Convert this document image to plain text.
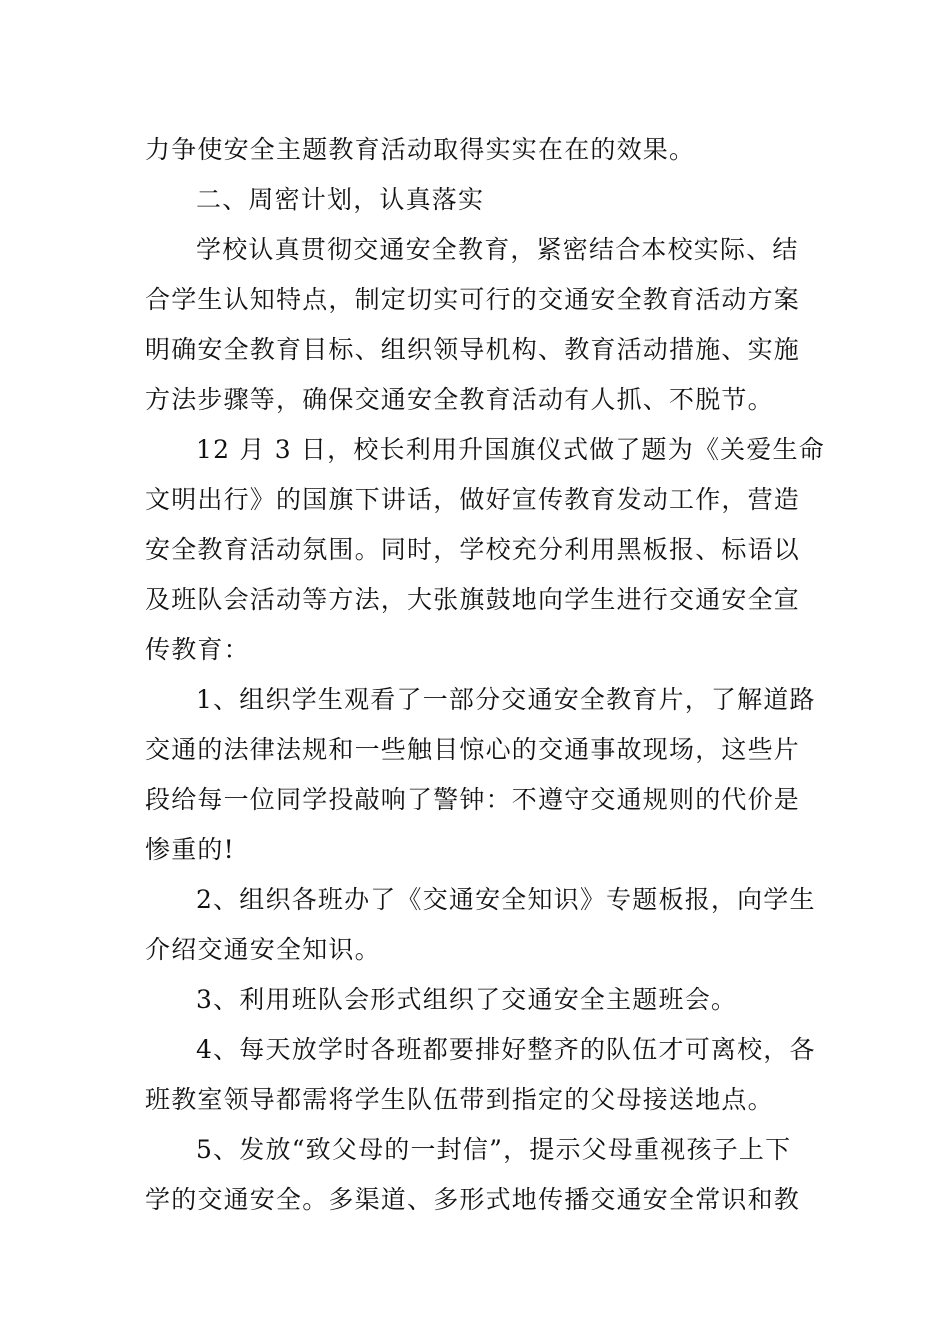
力争使安全主题教育活动取得实实在在的效果。
二、周密计划，认真落实
学校认真贯彻交通安全教育，紧密结合本校实际、结
合学生认知特点，制定切实可行的交通安全教育活动方案
明确安全教育目标、组织领导机构、教育活动措施、实施
方法步骤等，确保交通安全教育活动有人抓、不脱节。
12 月 3 日，校长利用升国旗仪式做了题为《关爱生命
文明出行》的国旗下讲话，做好宣传教育发动工作，营造
安全教育活动氛围。同时，学校充分利用黑板报、标语以
及班队会活动等方法，大张旗鼓地向学生进行交通安全宣
传教育：
1、组织学生观看了一部分交通安全教育片，了解道路
交通的法律法规和一些触目惊心的交通事故现场，这些片
段给每一位同学投敲响了警钟：不遵守交通规则的代价是
惨重的!
2、组织各班办了《交通安全知识》专题板报，向学生
介绍交通安全知识。
3、利用班队会形式组织了交通安全主题班会。
4、每天放学时各班都要排好整齐的队伍才可离校，各
班教室领导都需将学生队伍带到指定的父母接送地点。
5、发放“致父母的一封信”，提示父母重视孩子上下
学的交通安全。多渠道、多形式地传播交通安全常识和教
